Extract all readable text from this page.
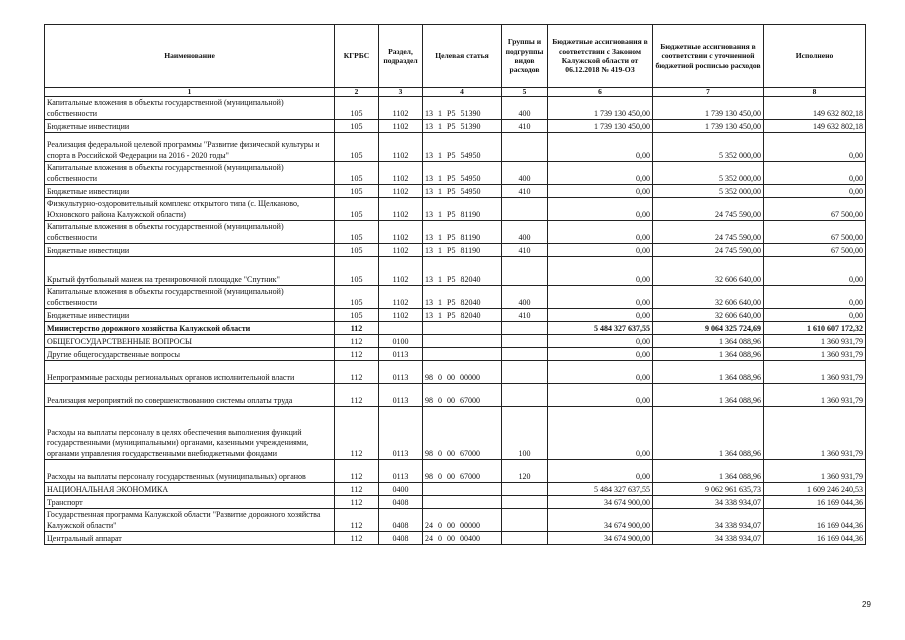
Наименование	КГРБС	Раздел, подраздел	Целевая статья	Группы и подгруппы видов расходов	Бюджетные ассигнования в соответствии с Законом Калужской области от 06.12.2018 № 419-ОЗ	Бюджетные ассигнования в соответствии с уточненной бюджетной росписью расходов	Исполнено
1	2	3	4	5	6	7	8
Капитальные вложения в объекты государственной (муниципальной) собственности	105	1102	13 1 P5 51390	400	1 739 130 450,00	1 739 130 450,00	149 632 802,18
Бюджетные инвестиции	105	1102	13 1 P5 51390	410	1 739 130 450,00	1 739 130 450,00	149 632 802,18
Реализация федеральной целевой программы "Развитие физической культуры и спорта в Российской Федерации на 2016 - 2020 годы"	105	1102	13 1 P5 54950		0,00	5 352 000,00	0,00
Капитальные вложения в объекты государственной (муниципальной) собственности	105	1102	13 1 P5 54950	400	0,00	5 352 000,00	0,00
Бюджетные инвестиции	105	1102	13 1 P5 54950	410	0,00	5 352 000,00	0,00
Физкультурно-оздоровительный комплекс открытого типа (с. Щелканово, Юхновского района Калужской области)	105	1102	13 1 P5 81190		0,00	24 745 590,00	67 500,00
Капитальные вложения в объекты государственной (муниципальной) собственности	105	1102	13 1 P5 81190	400	0,00	24 745 590,00	67 500,00
Бюджетные инвестиции	105	1102	13 1 P5 81190	410	0,00	24 745 590,00	67 500,00
Крытый футбольный манеж на тренировочной площадке "Спутник"	105	1102	13 1 P5 82040		0,00	32 606 640,00	0,00
Капитальные вложения в объекты государственной (муниципальной) собственности	105	1102	13 1 P5 82040	400	0,00	32 606 640,00	0,00
Бюджетные инвестиции	105	1102	13 1 P5 82040	410	0,00	32 606 640,00	0,00
Министерство дорожного хозяйства Калужской области	112				5 484 327 637,55	9 064 325 724,69	1 610 607 172,32
ОБЩЕГОСУДАРСТВЕННЫЕ ВОПРОСЫ	112	0100			0,00	1 364 088,96	1 360 931,79
Другие общегосударственные вопросы	112	0113			0,00	1 364 088,96	1 360 931,79
Непрограммные расходы региональных органов исполнительной власти	112	0113	98 0 00 00000		0,00	1 364 088,96	1 360 931,79
Реализация мероприятий по совершенствованию системы оплаты труда	112	0113	98 0 00 67000		0,00	1 364 088,96	1 360 931,79
Расходы на выплаты персоналу в целях обеспечения выполнения функций государственными (муниципальными) органами, казенными учреждениями, органами управления государственными внебюджетными фондами	112	0113	98 0 00 67000	100	0,00	1 364 088,96	1 360 931,79
Расходы на выплаты персоналу государственных (муниципальных) органов	112	0113	98 0 00 67000	120	0,00	1 364 088,96	1 360 931,79
НАЦИОНАЛЬНАЯ ЭКОНОМИКА	112	0400			5 484 327 637,55	9 062 961 635,73	1 609 246 240,53
Транспорт	112	0408			34 674 900,00	34 338 934,07	16 169 044,36
Государственная программа Калужской области "Развитие дорожного хозяйства Калужской области"	112	0408	24 0 00 00000		34 674 900,00	34 338 934,07	16 169 044,36
Центральный аппарат	112	0408	24 0 00 00400		34 674 900,00	34 338 934,07	16 169 044,36
29
